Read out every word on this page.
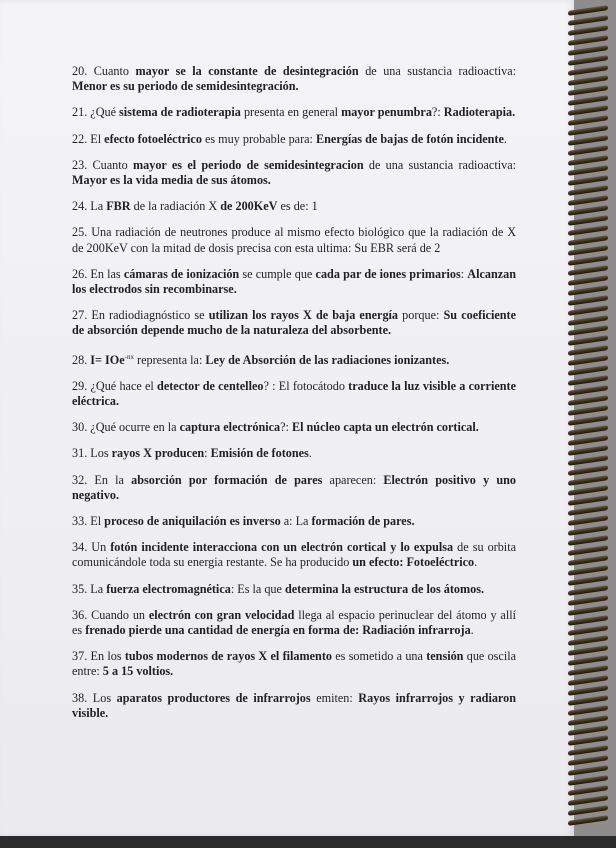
20. Cuanto mayor se la constante de desintegración de una sustancia radioactiva: Menor es su periodo de semidesintegración.
21. ¿Qué sistema de radioterapia presenta en general mayor penumbra?: Radioterapia.
22. El efecto fotoeléctrico es muy probable para: Energías de bajas de fotón incidente.
23. Cuanto mayor es el periodo de semidesintegracion de una sustancia radioactiva: Mayor es la vida media de sus átomos.
24. La FBR de la radiación X de 200KeV es de: 1
25. Una radiación de neutrones produce al mismo efecto biológico que la radiación de X de 200KeV con la mitad de dosis precisa con esta ultima: Su EBR será de 2
26. En las cámaras de ionización se cumple que cada par de iones primarios: Alcanzan los electrodos sin recombinarse.
27. En radiodiagnóstico se utilizan los rayos X de baja energía porque: Su coeficiente de absorción depende mucho de la naturaleza del absorbente.
28. I= IOe$^{-nx}$ representa la: Ley de Absorción de las radiaciones ionizantes.
29. ¿Qué hace el detector de centelleo? : El fotocátodo traduce la luz visible a corriente eléctrica.
30. ¿Qué ocurre en la captura electrónica?: El núcleo capta un electrón cortical.
31. Los rayos X producen: Emisión de fotones.
32. En la absorción por formación de pares aparecen: Electrón positivo y uno negativo.
33. El proceso de aniquilación es inverso a: La formación de pares.
34. Un fotón incidente interacciona con un electrón cortical y lo expulsa de su orbita comunicándole toda su energia restante. Se ha producido un efecto: Fotoeléctrico.
35. La fuerza electromagnética: Es la que determina la estructura de los átomos.
36. Cuando un electrón con gran velocidad llega al espacio perinuclear del átomo y allí es frenado pierde una cantidad de energía en forma de: Radiación infrarroja.
37. En los tubos modernos de rayos X el filamento es sometido a una tensión que oscila entre: 5 a 15 voltios.
38. Los aparatos productores de infrarrojos emiten: Rayos infrarrojos y radiaron visible.
